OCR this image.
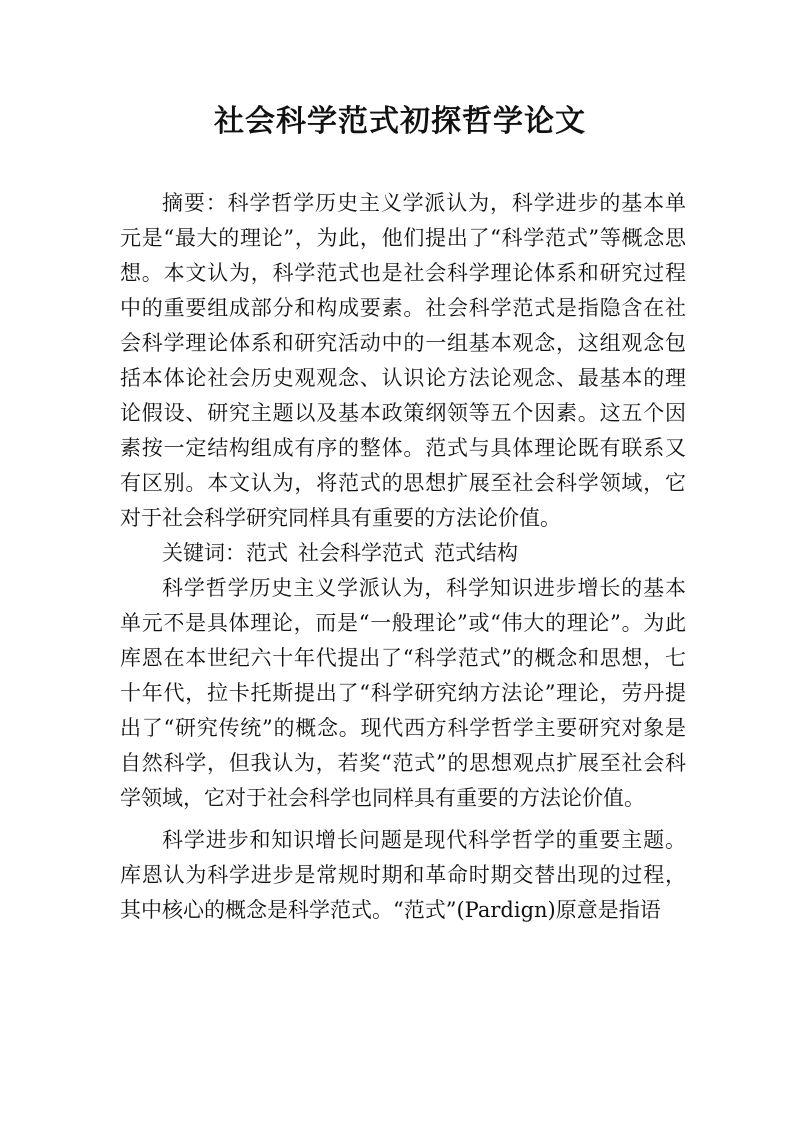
社会科学范式初探哲学论文

摘要：科学哲学历史主义学派认为，科学进步的基本单元是“最大的理论”，为此，他们提出了“科学范式”等概念思想。本文认为，科学范式也是社会科学理论体系和研究过程中的重要组成部分和构成要素。社会科学范式是指隐含在社会科学理论体系和研究活动中的一组基本观念，这组观念包括本体论社会历史观观念、认识论方法论观念、最基本的理论假设、研究主题以及基本政策纲领等五个因素。这五个因素按一定结构组成有序的整体。范式与具体理论既有联系又有区别。本文认为，将范式的思想扩展至社会科学领域，它对于社会科学研究同样具有重要的方法论价值。

关键词：范式 社会科学范式 范式结构

科学哲学历史主义学派认为，科学知识进步增长的基本单元不是具体理论，而是“一般理论”或“伟大的理论”。为此库恩在本世纪六十年代提出了“科学范式”的概念和思想，七十年代，拉卡托斯提出了“科学研究纳方法论”理论，劳丹提出了“研究传统”的概念。现代西方科学哲学主要研究对象是自然科学，但我认为，若奖“范式”的思想观点扩展至社会科学领域，它对于社会科学也同样具有重要的方法论价值。

科学进步和知识增长问题是现代科学哲学的重要主题。库恩认为科学进步是常规时期和革命时期交替出现的过程，其中核心的概念是科学范式。“范式”(Pardign)原意是指语
